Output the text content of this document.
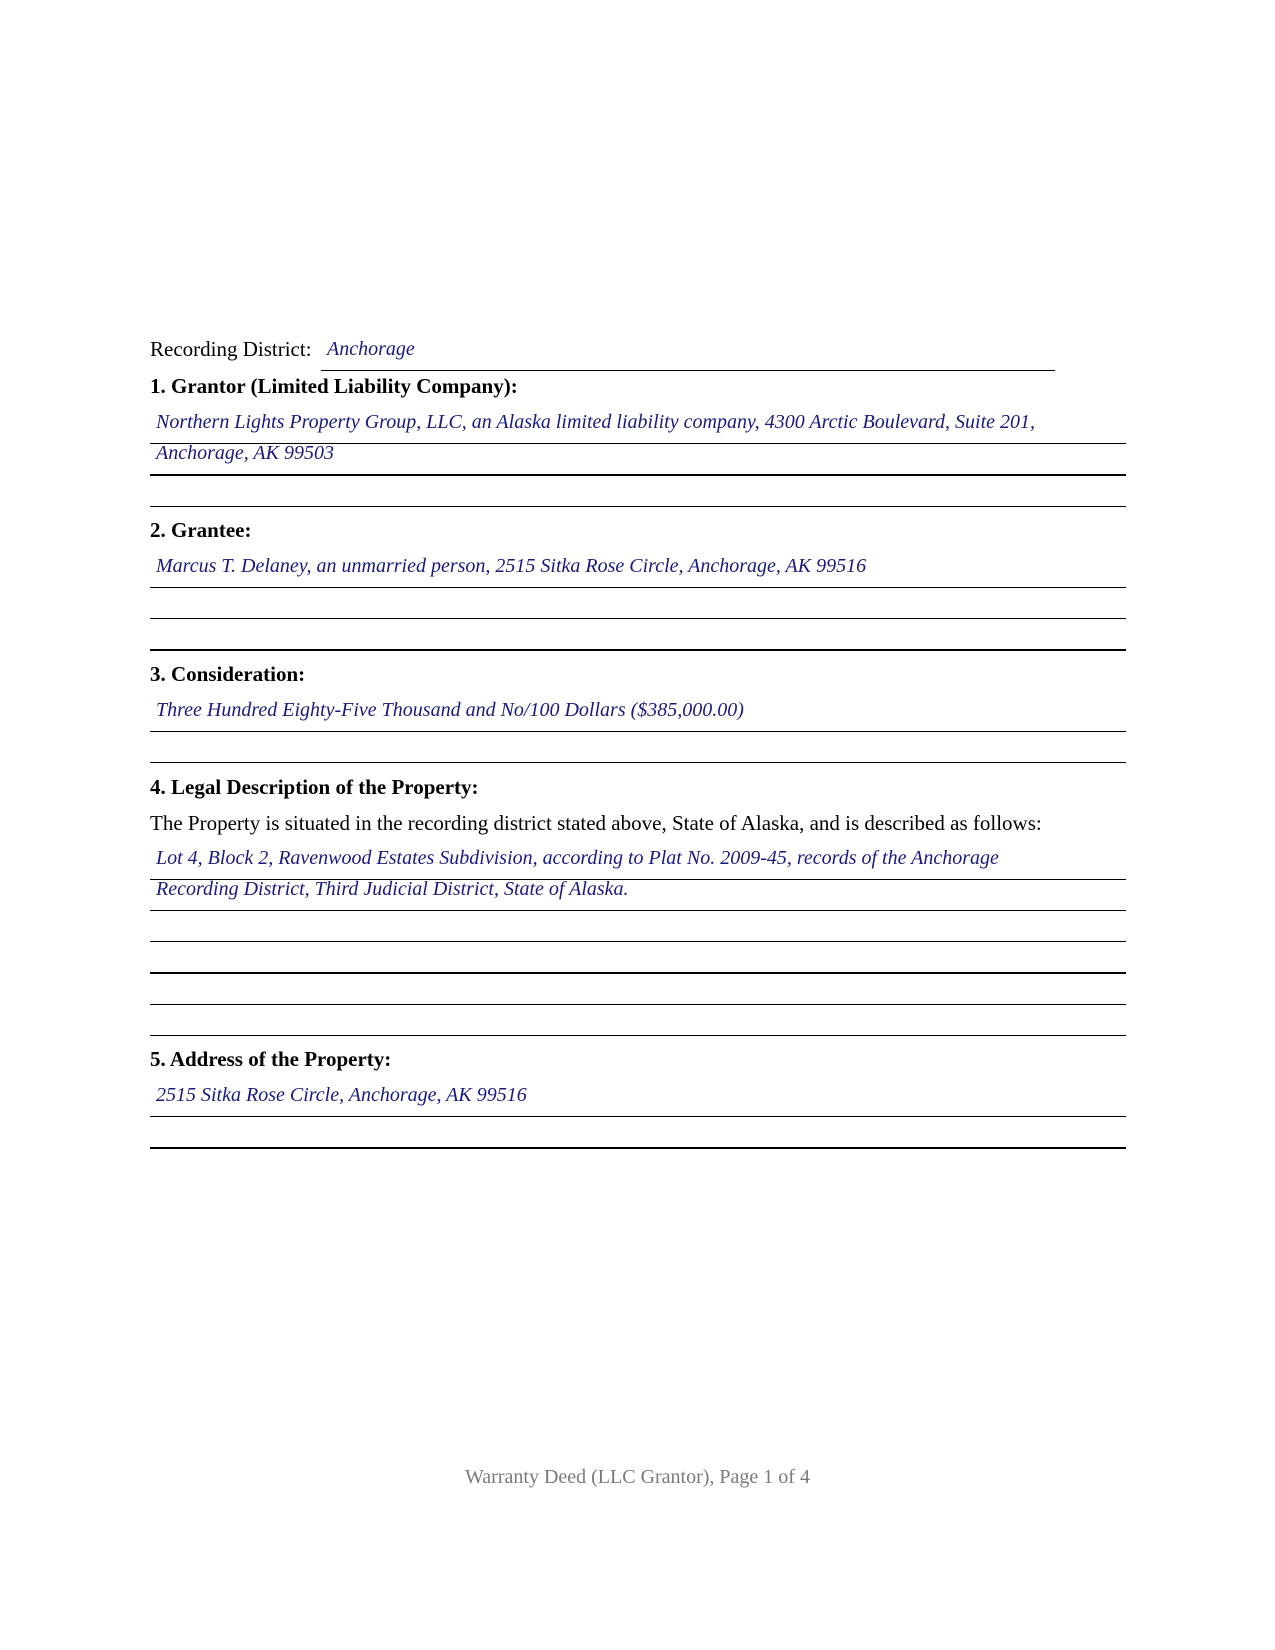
Recording District: Anchorage
1. Grantor (Limited Liability Company):
Northern Lights Property Group, LLC, an Alaska limited liability company, 4300 Arctic Boulevard, Suite 201,
Anchorage, AK 99503
2. Grantee:
Marcus T. Delaney, an unmarried person, 2515 Sitka Rose Circle, Anchorage, AK 99516
3. Consideration:
Three Hundred Eighty-Five Thousand and No/100 Dollars ($385,000.00)
4. Legal Description of the Property:
The Property is situated in the recording district stated above, State of Alaska, and is described as follows:
Lot 4, Block 2, Ravenwood Estates Subdivision, according to Plat No. 2009-45, records of the Anchorage
Recording District, Third Judicial District, State of Alaska.
5. Address of the Property:
2515 Sitka Rose Circle, Anchorage, AK 99516
Warranty Deed (LLC Grantor), Page 1 of 4
